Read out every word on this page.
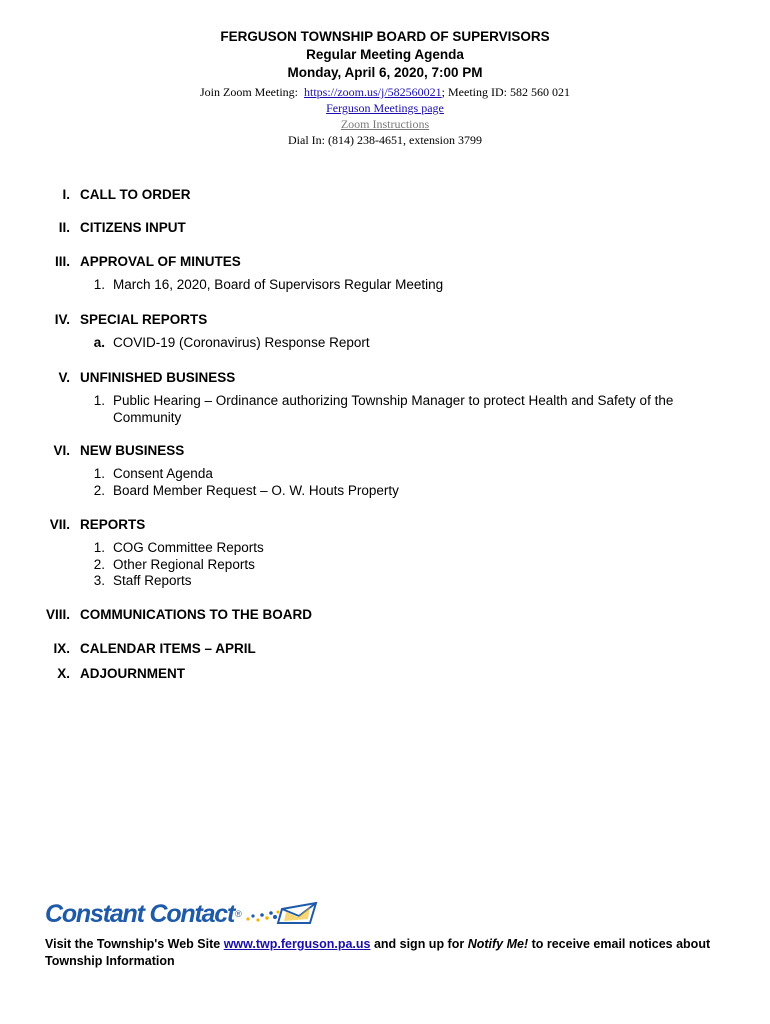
FERGUSON TOWNSHIP BOARD OF SUPERVISORS
Regular Meeting Agenda
Monday, April 6, 2020, 7:00 PM
Join Zoom Meeting: https://zoom.us/j/582560021; Meeting ID: 582 560 021
Ferguson Meetings page
Zoom Instructions
Dial In: (814) 238-4651, extension 3799
I. CALL TO ORDER
II. CITIZENS INPUT
III. APPROVAL OF MINUTES
1. March 16, 2020, Board of Supervisors Regular Meeting
IV. SPECIAL REPORTS
a. COVID-19 (Coronavirus) Response Report
V. UNFINISHED BUSINESS
1. Public Hearing – Ordinance authorizing Township Manager to protect Health and Safety of the Community
VI. NEW BUSINESS
1. Consent Agenda
2. Board Member Request – O. W. Houts Property
VII. REPORTS
1. COG Committee Reports
2. Other Regional Reports
3. Staff Reports
VIII. COMMUNICATIONS TO THE BOARD
IX. CALENDAR ITEMS – APRIL
X. ADJOURNMENT
Constant Contact ®
Visit the Township's Web Site www.twp.ferguson.pa.us and sign up for Notify Me! to receive email notices about Township Information
